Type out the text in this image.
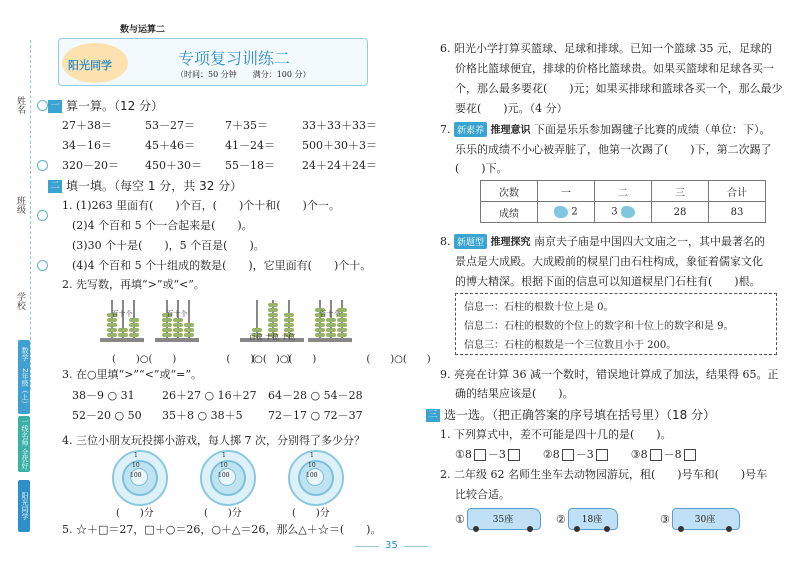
姓名
班级
学校
数学　2年级（上）
一线名师 全优好卷
阳光同学
数与运算二
阳光同学	专项复习训练二
（时间：50 分钟　　满分：100 分）
一 算一算。（12 分）
27＋38＝	53－27＝	7＋35＝	33＋33＋33＝
34－16＝	45＋46＝	41－24＝ 500＋30＋3＝
320－20＝ 450＋30＝ 55－18＝ 24＋24＋24＝
二 填一填。（每空 1 分，共 32 分）
1. (1)263 里面有(　　)个百，(　　)个十和(　　)个一。
(2)4 个百和 5 个一合起来是(　　)。
(3)30 个十是(　　)，5 个百是(　　)。
(4)4 个百和 5 个十组成的数是(　　)，它里面有(　　)个十。
2. 先写数，再填“>”或“<”。
百十个	百十个
百位 十位 个位
百十个
(　　)○(　　)　　　　　(　　)○(　　)
(　　)○(　　)　　　　　(　　)○(　　)
3. 在○里填“>”“<”或“=”。
38－9 ○ 31 26＋27 ○ 16＋27 64－28 ○ 54－28
52－20 ○ 50 35＋8 ○ 38＋5 72－17 ○ 72－37
4. 三位小朋友玩投掷小游戏，每人掷 7 次，分别得了多少分？
1
10
100
(　　)分
1
10
100
(　　)分
1
10
100
(　　)分
5. ☆＋□＝27，□＋○＝26，○＋△＝26，那么△＋☆＝(　　)。
6. 阳光小学打算买篮球、足球和排球。已知一个篮球 35 元，足球的
价格比篮球便宜，排球的价格比篮球贵。如果买篮球和足球各买一
个，那么最多要花(　　)元；如果买排球和篮球各买一个，那么最少
要花(　　)元。（4 分）
7. 新素养 推理意识 下面是乐乐参加踢毽子比赛的成绩（单位：下）。
乐乐的成绩不小心被弄脏了，他第一次踢了(　　)下，第二次踢了
(　　)下。
次数	一	二	三	合计
成绩	2	3	28	83
8. 新题型 推理探究 南京夫子庙是中国四大文庙之一，其中最著名的
景点是大成殿。大成殿前的棂星门由石柱构成，象征着儒家文化
的博大精深。根据下面的信息可以知道棂星门石柱有(　　)根。
信息一：石柱的根数十位上是 0。
信息二：石柱的根数的个位上的数字和十位上的数字和是 9。
信息三：石柱的根数是一个三位数且小于 200。
9. 亮亮在计算 36 减一个数时，错误地计算成了加法，结果得 65。正
确的结果应该是(　　)。
三 选一选。（把正确答案的序号填在括号里）（18 分）
1. 下列算式中，差不可能是四十几的是(　　)。
①8 －3	②8 －3	③8 －8
2. 二年级 62 名师生坐车去动物园游玩，租(　　)号车和(　　)号车
比较合适。
①	35座	②	18座	③	30座
35
